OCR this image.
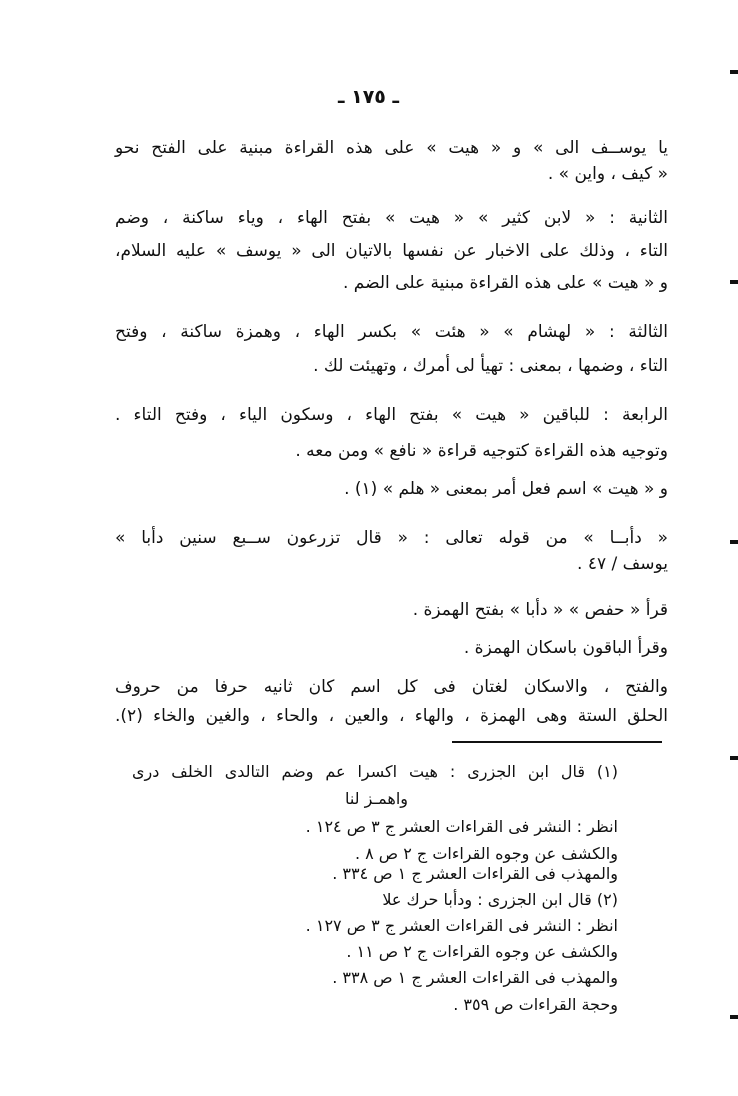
ـ ١٧٥ ـ
يا يوســف الى » و « هيت » على هذه القراءة مبنية على الفتح نحو
« كيف ، واين » .
الثانية : « لابن كثير » « هيت » بفتح الهاء ، وياء ساكنة ، وضم
التاء ، وذلك على الاخبار عن نفسها بالاتيان الى « يوسف » عليه السلام،
و « هيت » على هذه القراءة مبنية على الضم .
الثالثة : « لهشام » « هئت » بكسر الهاء ، وهمزة ساكنة ، وفتح
التاء ، وضمها ، بمعنى : تهيأ لى أمرك ، وتهيئت لك .
الرابعة : للباقين « هيت » بفتح الهاء ، وسكون الياء ، وفتح التاء .
وتوجيه هذه القراءة كتوجيه قراءة « نافع » ومن معه .
و « هيت » اسم فعل أمر بمعنى « هلم » (١) .
« دأبــا » من قوله تعالى : « قال تزرعون ســبع سنين دأبا »
يوسف / ٤٧ .
قرأ « حفص » « دأبا » بفتح الهمزة .
وقرأ الباقون باسكان الهمزة .
والفتح ، والاسكان لغتان فى كل اسم كان ثانيه حرفا من حروف
الحلق الستة وهى الهمزة ، والهاء ، والعين ، والحاء ، والغين والخاء (٢).
(١) قال ابن الجزرى : هيت اكسرا عم وضم التالدى الخلف درى
واهمـز لنا
انظر : النشر فى القراءات العشر ج ٣ ص ١٢٤ .
والكشف عن وجوه القراءات ج ٢ ص ٨ .
والمهذب فى القراءات العشر ج ١ ص ٣٣٤ .
(٢) قال ابن الجزرى : ودأبا حرك علا
انظر : النشر فى القراءات العشر ج ٣ ص ١٢٧ .
والكشف عن وجوه القراءات ج ٢ ص ١١ .
والمهذب فى القراءات العشر ج ١ ص ٣٣٨ .
وحجة القراءات ص ٣٥٩ .
